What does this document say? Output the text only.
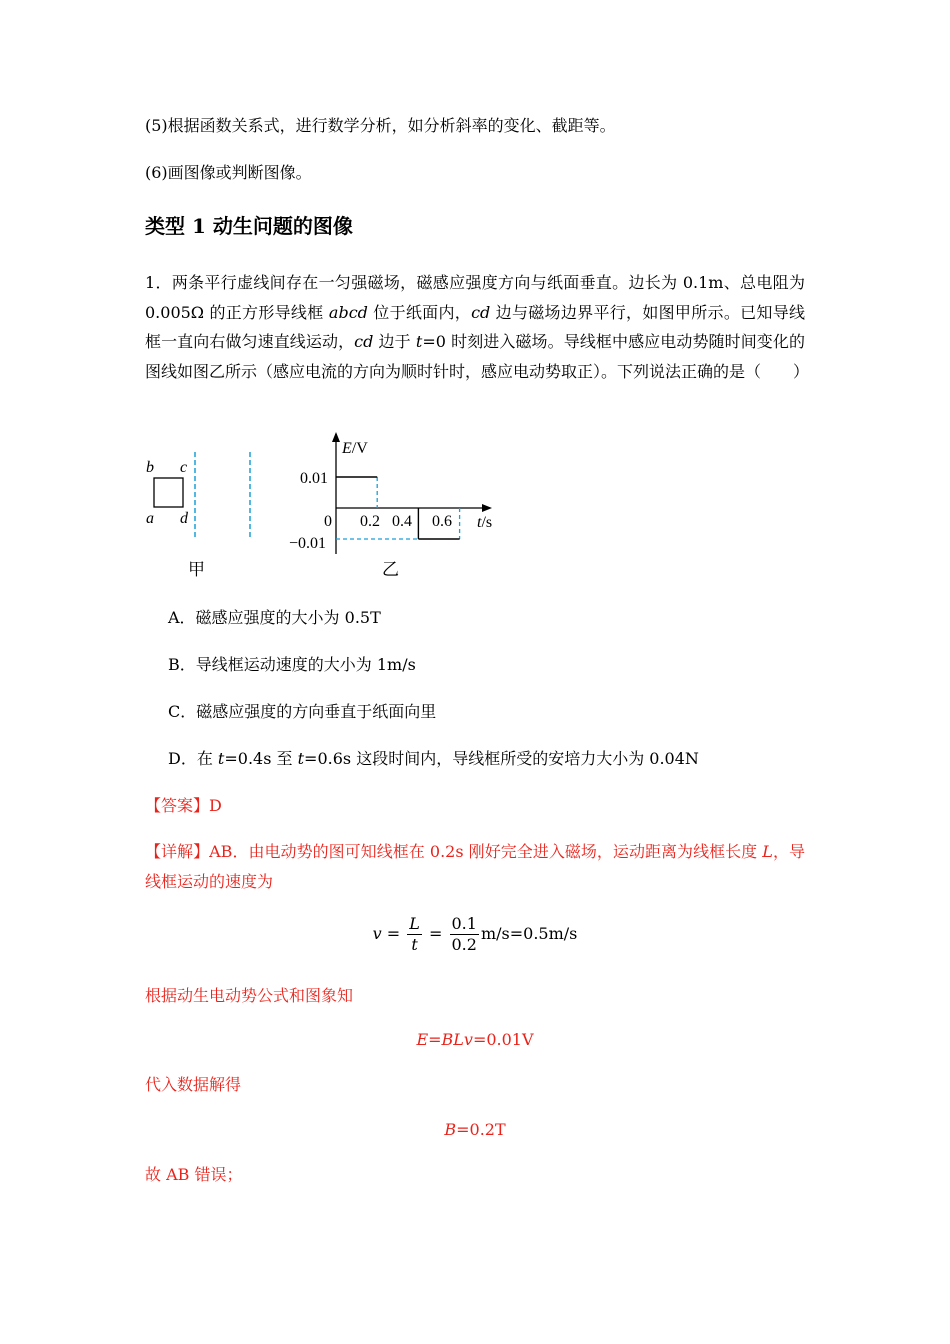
(5)根据函数关系式，进行数学分析，如分析斜率的变化、截距等。
(6)画图像或判断图像。
类型 1 动生问题的图像
1．两条平行虚线间存在一匀强磁场，磁感应强度方向与纸面垂直。边长为 0.1m、总电阻为 0.005Ω 的正方形导线框 abcd 位于纸面内，cd 边与磁场边界平行，如图甲所示。已知导线框一直向右做匀速直线运动，cd 边于 t=0 时刻进入磁场。导线框中感应电动势随时间变化的图线如图乙所示（感应电流的方向为顺时针时，感应电动势取正）。下列说法正确的是（　　）
b c
a d
甲
E/V
t/s
0.01
−0.01
0 0.2 0.4 0.6
乙
A．磁感应强度的大小为 0.5T
B．导线框运动速度的大小为 1m/s
C．磁感应强度的方向垂直于纸面向里
D．在 t=0.4s 至 t=0.6s 这段时间内，导线框所受的安培力大小为 0.04N
【答案】D
【详解】AB．由电动势的图可知线框在 0.2s 刚好完全进入磁场，运动距离为线框长度 L，导线框运动的速度为
$v = \frac{L}{t} = \frac{0.1}{0.2} m/s=0.5m/s$
根据动生电动势公式和图象知
E=BLv=0.01V
代入数据解得
B=0.2T
故 AB 错误；
